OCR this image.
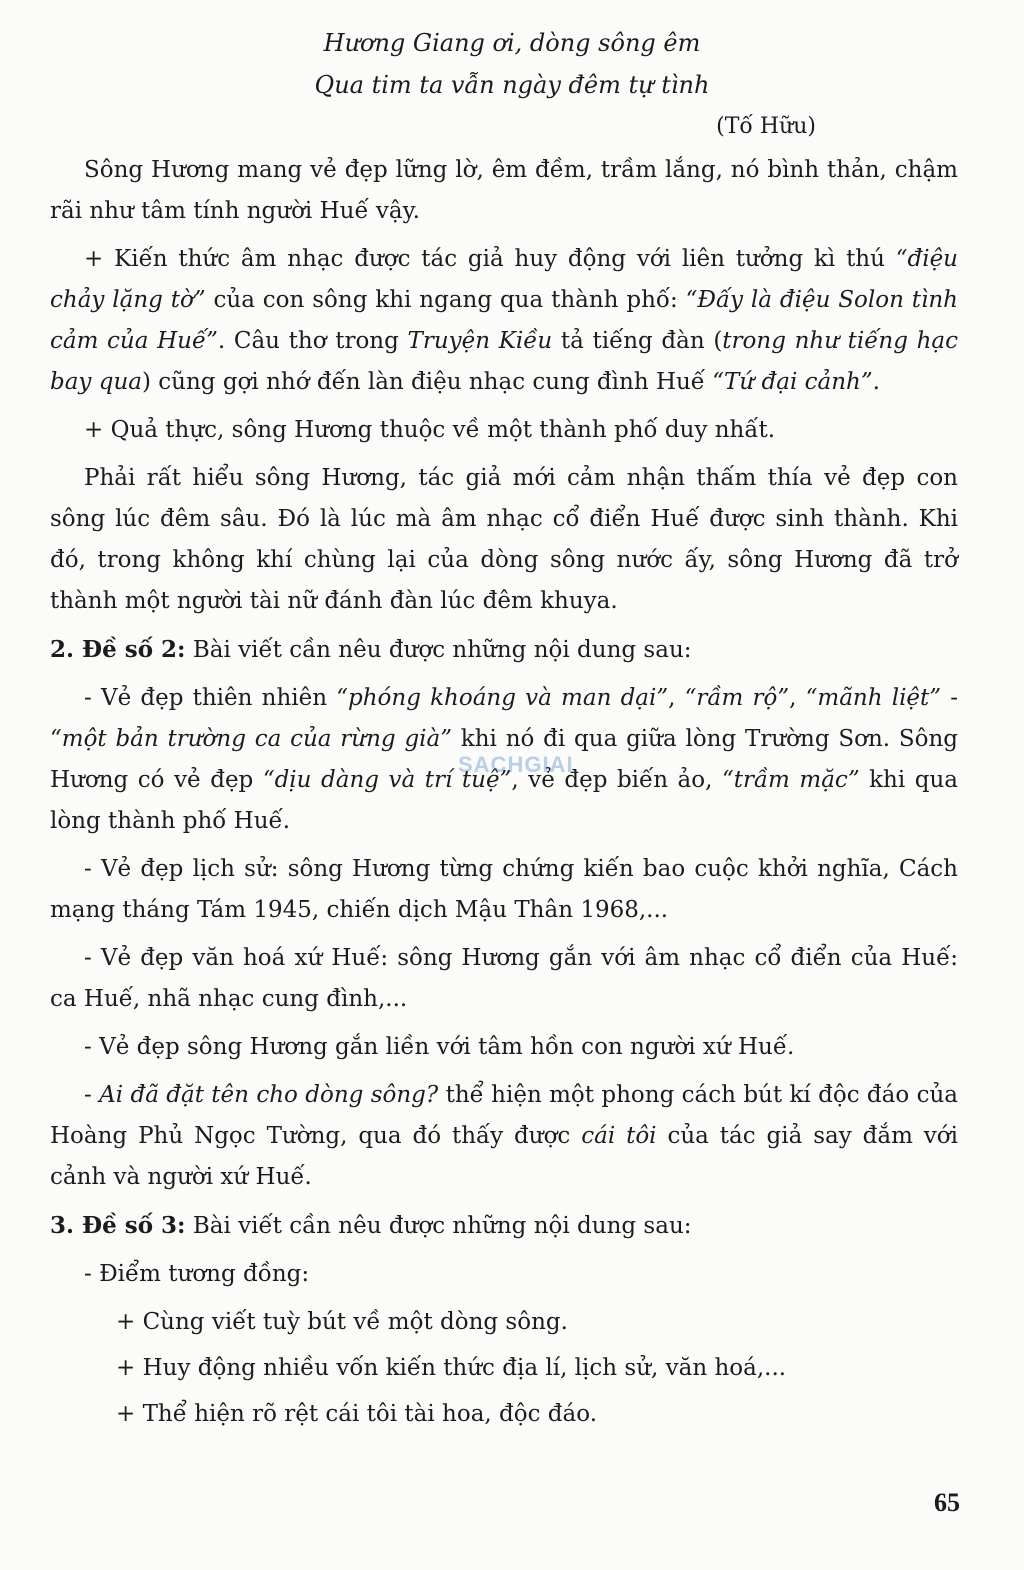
Hương Giang ơi, dòng sông êm
Qua tim ta vẫn ngày đêm tự tình
(Tố Hữu)

Sông Hương mang vẻ đẹp lững lờ, êm đềm, trầm lắng, nó bình thản, chậm rãi như tâm tính người Huế vậy.

+ Kiến thức âm nhạc được tác giả huy động với liên tưởng kì thú “điệu chảy lặng tờ” của con sông khi ngang qua thành phố: “Đấy là điệu Solon tình cảm của Huế”. Câu thơ trong Truyện Kiều tả tiếng đàn (trong như tiếng hạc bay qua) cũng gợi nhớ đến làn điệu nhạc cung đình Huế “Tứ đại cảnh”.

+ Quả thực, sông Hương thuộc về một thành phố duy nhất.

Phải rất hiểu sông Hương, tác giả mới cảm nhận thấm thía vẻ đẹp con sông lúc đêm sâu. Đó là lúc mà âm nhạc cổ điển Huế được sinh thành. Khi đó, trong không khí chùng lại của dòng sông nước ấy, sông Hương đã trở thành một người tài nữ đánh đàn lúc đêm khuya.

2. Đề số 2: Bài viết cần nêu được những nội dung sau:

- Vẻ đẹp thiên nhiên “phóng khoáng và man dại”, “rầm rộ”, “mãnh liệt” - “một bản trường ca của rừng già” khi nó đi qua giữa lòng Trường Sơn. Sông Hương có vẻ đẹp “dịu dàng và trí tuệ”, vẻ đẹp biến ảo, “trầm mặc” khi qua lòng thành phố Huế.

- Vẻ đẹp lịch sử: sông Hương từng chứng kiến bao cuộc khởi nghĩa, Cách mạng tháng Tám 1945, chiến dịch Mậu Thân 1968,...

- Vẻ đẹp văn hoá xứ Huế: sông Hương gắn với âm nhạc cổ điển của Huế: ca Huế, nhã nhạc cung đình,...

- Vẻ đẹp sông Hương gắn liền với tâm hồn con người xứ Huế.

- Ai đã đặt tên cho dòng sông? thể hiện một phong cách bút kí độc đáo của Hoàng Phủ Ngọc Tường, qua đó thấy được cái tôi của tác giả say đắm với cảnh và người xứ Huế.

3. Đề số 3: Bài viết cần nêu được những nội dung sau:

- Điểm tương đồng:

+ Cùng viết tuỳ bút về một dòng sông.

+ Huy động nhiều vốn kiến thức địa lí, lịch sử, văn hoá,...

+ Thể hiện rõ rệt cái tôi tài hoa, độc đáo.

SACHGIAI
65
